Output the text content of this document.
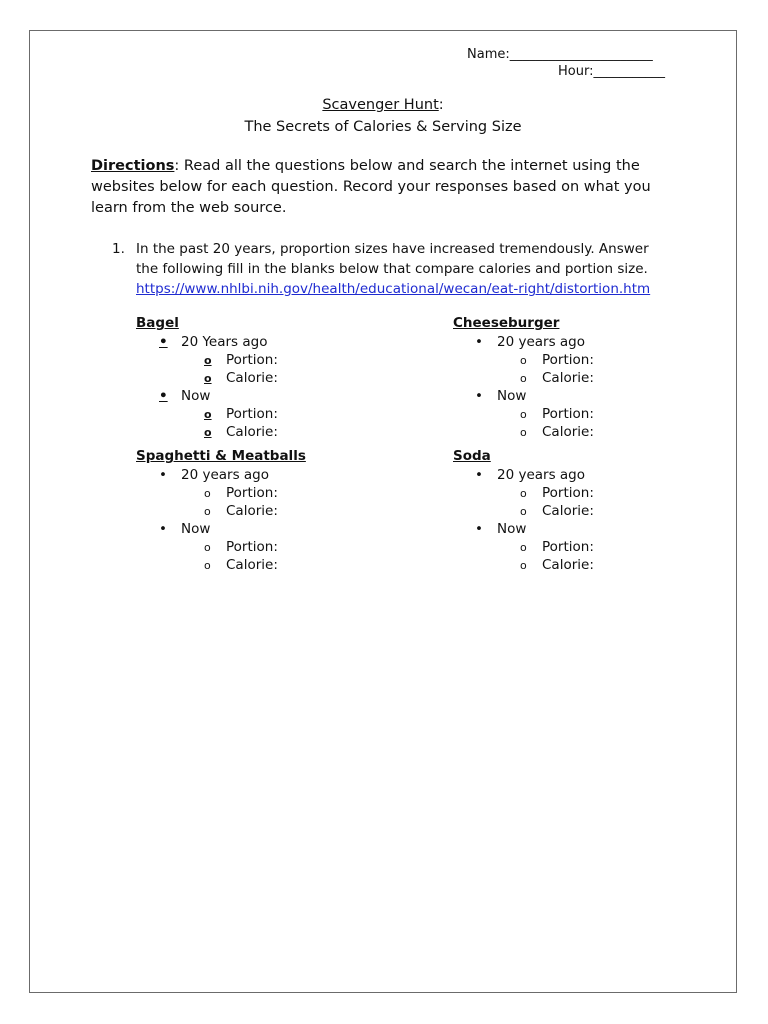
Name:______________________
Hour:___________
Scavenger Hunt:
The Secrets of Calories & Serving Size
Directions: Read all the questions below and search the internet using the websites below for each question. Record your responses based on what you learn from the web source.
1. In the past 20 years, proportion sizes have increased tremendously. Answer
the following fill in the blanks below that compare calories and portion size.
https://www.nhlbi.nih.gov/health/educational/wecan/eat-right/distortion.htm
Bagel
• 20 Years ago
o Portion:
o Calorie:
• Now
o Portion:
o Calorie:
Cheeseburger
• 20 years ago
o Portion:
o Calorie:
• Now
o Portion:
o Calorie:
Spaghetti & Meatballs
• 20 years ago
o Portion:
o Calorie:
• Now
o Portion:
o Calorie:
Soda
• 20 years ago
o Portion:
o Calorie:
• Now
o Portion:
o Calorie:
